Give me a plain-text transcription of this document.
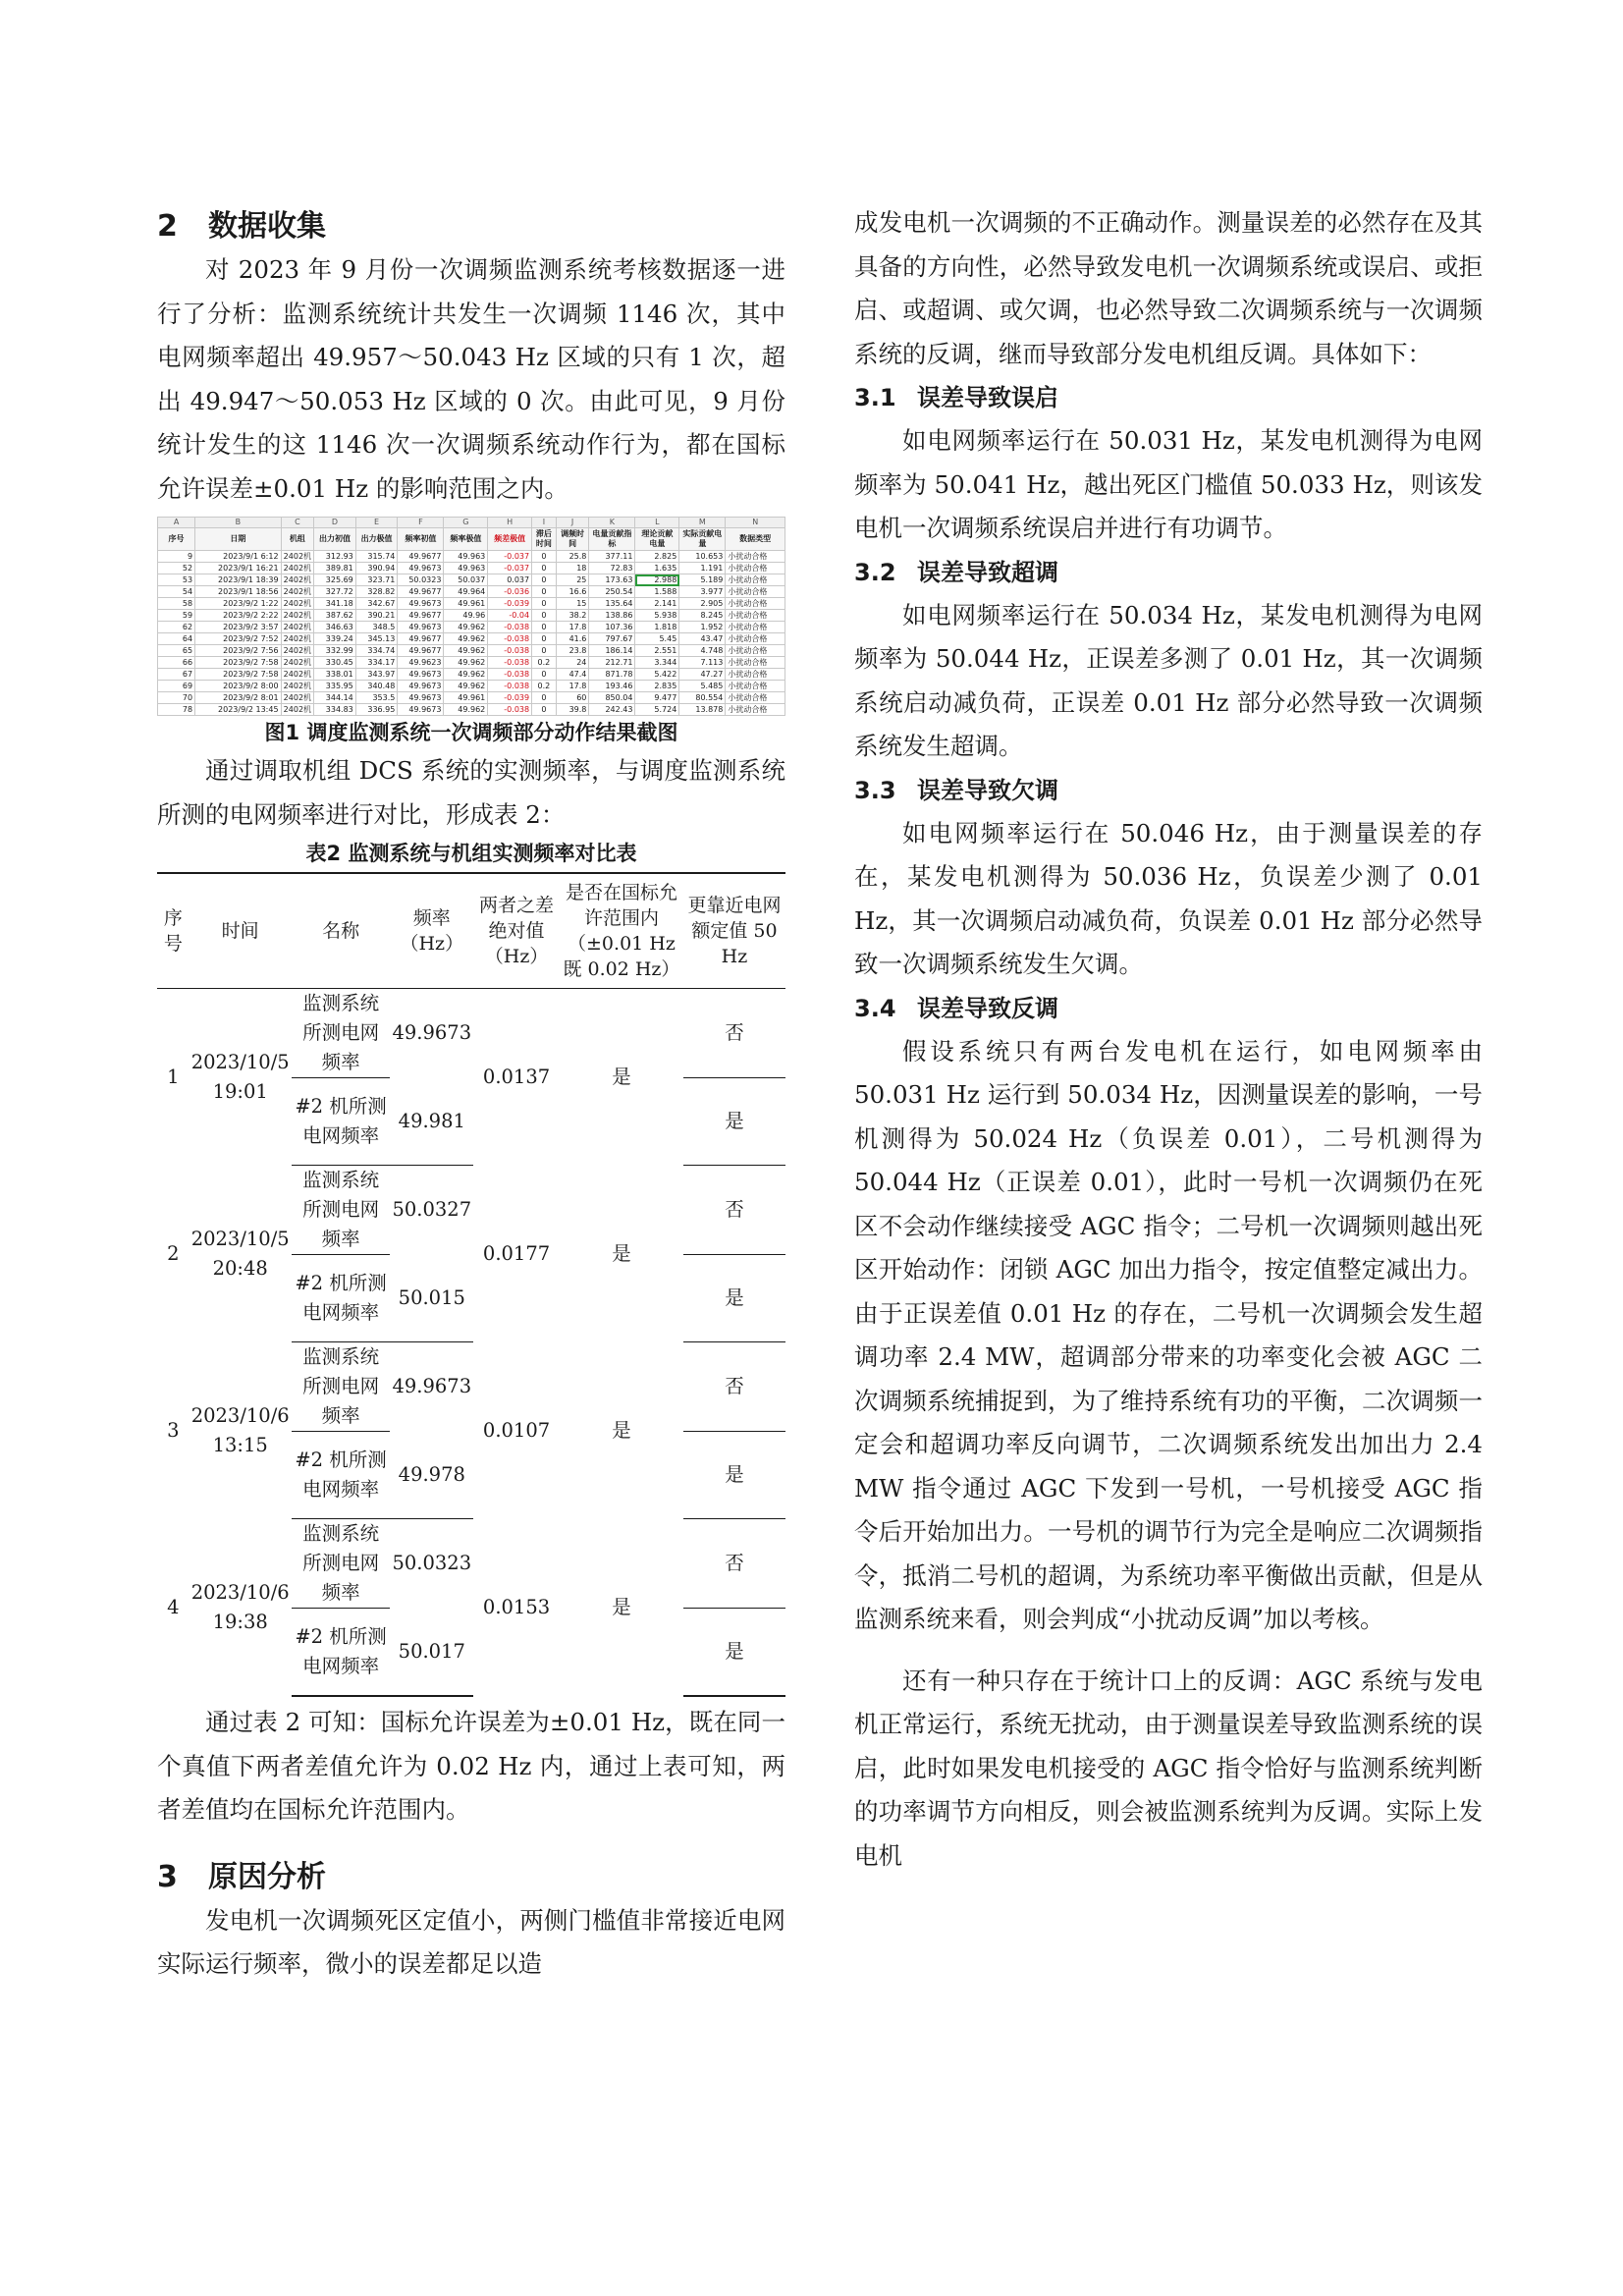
2 数据收集

对 2023 年 9 月份一次调频监测系统考核数据逐一进行了分析：监测系统统计共发生一次调频 1146 次，其中电网频率超出 49.957～50.043 Hz 区域的只有 1 次，超出 49.947～50.053 Hz 区域的 0 次。由此可见，9 月份统计发生的这 1146 次一次调频系统动作行为，都在国标允许误差±0.01 Hz 的影响范围之内。

A	B	C	D	E	F	G	H	I	J	K	L	M	N
序号	日期	机组	出力初值	出力极值	频率初值	频率极值	频差极值	滞后时间	调频时间	电量贡献指标	理论贡献电量	实际贡献电量	数据类型
9	2023/9/1 6:12	2402机	312.93	315.74	49.9677	49.963	-0.037	0	25.8	377.11	2.825	10.653	小扰动合格
52	2023/9/1 16:21	2402机	389.81	390.94	49.9673	49.963	-0.037	0	18	72.83	1.635	1.191	小扰动合格
53	2023/9/1 18:39	2402机	325.69	323.71	50.0323	50.037	0.037	0	25	173.63	2.988	5.189	小扰动合格
54	2023/9/1 18:56	2402机	327.72	328.82	49.9677	49.964	-0.036	0	16.6	250.54	1.588	3.977	小扰动合格
58	2023/9/2 1:22	2402机	341.18	342.67	49.9673	49.961	-0.039	0	15	135.64	2.141	2.905	小扰动合格
59	2023/9/2 2:22	2402机	387.62	390.21	49.9677	49.96	-0.04	0	38.2	138.86	5.938	8.245	小扰动合格
62	2023/9/2 3:57	2402机	346.63	348.5	49.9673	49.962	-0.038	0	17.8	107.36	1.818	1.952	小扰动合格
64	2023/9/2 7:52	2402机	339.24	345.13	49.9677	49.962	-0.038	0	41.6	797.67	5.45	43.47	小扰动合格
65	2023/9/2 7:56	2402机	332.99	334.74	49.9677	49.962	-0.038	0	23.8	186.14	2.551	4.748	小扰动合格
66	2023/9/2 7:58	2402机	330.45	334.17	49.9623	49.962	-0.038	0.2	24	212.71	3.344	7.113	小扰动合格
67	2023/9/2 7:58	2402机	338.01	343.97	49.9673	49.962	-0.038	0	47.4	871.78	5.422	47.27	小扰动合格
69	2023/9/2 8:00	2402机	335.95	340.48	49.9673	49.962	-0.038	0.2	17.8	193.46	2.835	5.485	小扰动合格
70	2023/9/2 8:01	2402机	344.14	353.5	49.9673	49.961	-0.039	0	60	850.04	9.477	80.554	小扰动合格
78	2023/9/2 13:45	2402机	334.83	336.95	49.9673	49.962	-0.038	0	39.8	242.43	5.724	13.878	小扰动合格
图1 调度监测系统一次调频部分动作结果截图

通过调取机组 DCS 系统的实测频率，与调度监测系统所测的电网频率进行对比，形成表 2：

表2 监测系统与机组实测频率对比表
序号	时间	名称	频率（Hz）	两者之差绝对值（Hz）	是否在国标允许范围内（±0.01 Hz 既 0.02 Hz）	更靠近电网额定值 50 Hz
1	2023/10/5 19:01	监测系统所测电网频率	49.9673	0.0137	是	否
		#2 机所测电网频率	49.981			是
2	2023/10/5 20:48	监测系统所测电网频率	50.0327	0.0177	是	否
		#2 机所测电网频率	50.015			是
3	2023/10/6 13:15	监测系统所测电网频率	49.9673	0.0107	是	否
		#2 机所测电网频率	49.978			是
4	2023/10/6 19:38	监测系统所测电网频率	50.0323	0.0153	是	否
		#2 机所测电网频率	50.017			是

通过表 2 可知：国标允许误差为±0.01 Hz，既在同一个真值下两者差值允许为 0.02 Hz 内，通过上表可知，两者差值均在国标允许范围内。

3 原因分析

发电机一次调频死区定值小，两侧门槛值非常接近电网实际运行频率，微小的误差都足以造

成发电机一次调频的不正确动作。测量误差的必然存在及其具备的方向性，必然导致发电机一次调频系统或误启、或拒启、或超调、或欠调，也必然导致二次调频系统与一次调频系统的反调，继而导致部分发电机组反调。具体如下：

3.1 误差导致误启

如电网频率运行在 50.031 Hz，某发电机测得为电网频率为 50.041 Hz，越出死区门槛值 50.033 Hz，则该发电机一次调频系统误启并进行有功调节。

3.2 误差导致超调

如电网频率运行在 50.034 Hz，某发电机测得为电网频率为 50.044 Hz，正误差多测了 0.01 Hz，其一次调频系统启动减负荷，正误差 0.01 Hz 部分必然导致一次调频系统发生超调。

3.3 误差导致欠调

如电网频率运行在 50.046 Hz，由于测量误差的存在，某发电机测得为 50.036 Hz，负误差少测了 0.01 Hz，其一次调频启动减负荷，负误差 0.01 Hz 部分必然导致一次调频系统发生欠调。

3.4 误差导致反调

假设系统只有两台发电机在运行，如电网频率由 50.031 Hz 运行到 50.034 Hz，因测量误差的影响，一号机测得为 50.024 Hz（负误差 0.01），二号机测得为 50.044 Hz（正误差 0.01），此时一号机一次调频仍在死区不会动作继续接受 AGC 指令；二号机一次调频则越出死区开始动作：闭锁 AGC 加出力指令，按定值整定减出力。由于正误差值 0.01 Hz 的存在，二号机一次调频会发生超调功率 2.4 MW，超调部分带来的功率变化会被 AGC 二次调频系统捕捉到，为了维持系统有功的平衡，二次调频一定会和超调功率反向调节，二次调频系统发出加出力 2.4 MW 指令通过 AGC 下发到一号机，一号机接受 AGC 指令后开始加出力。一号机的调节行为完全是响应二次调频指令，抵消二号机的超调，为系统功率平衡做出贡献，但是从监测系统来看，则会判成“小扰动反调”加以考核。

还有一种只存在于统计口上的反调：AGC 系统与发电机正常运行，系统无扰动，由于测量误差导致监测系统的误启，此时如果发电机接受的 AGC 指令恰好与监测系统判断的功率调节方向相反，则会被监测系统判为反调。实际上发电机
